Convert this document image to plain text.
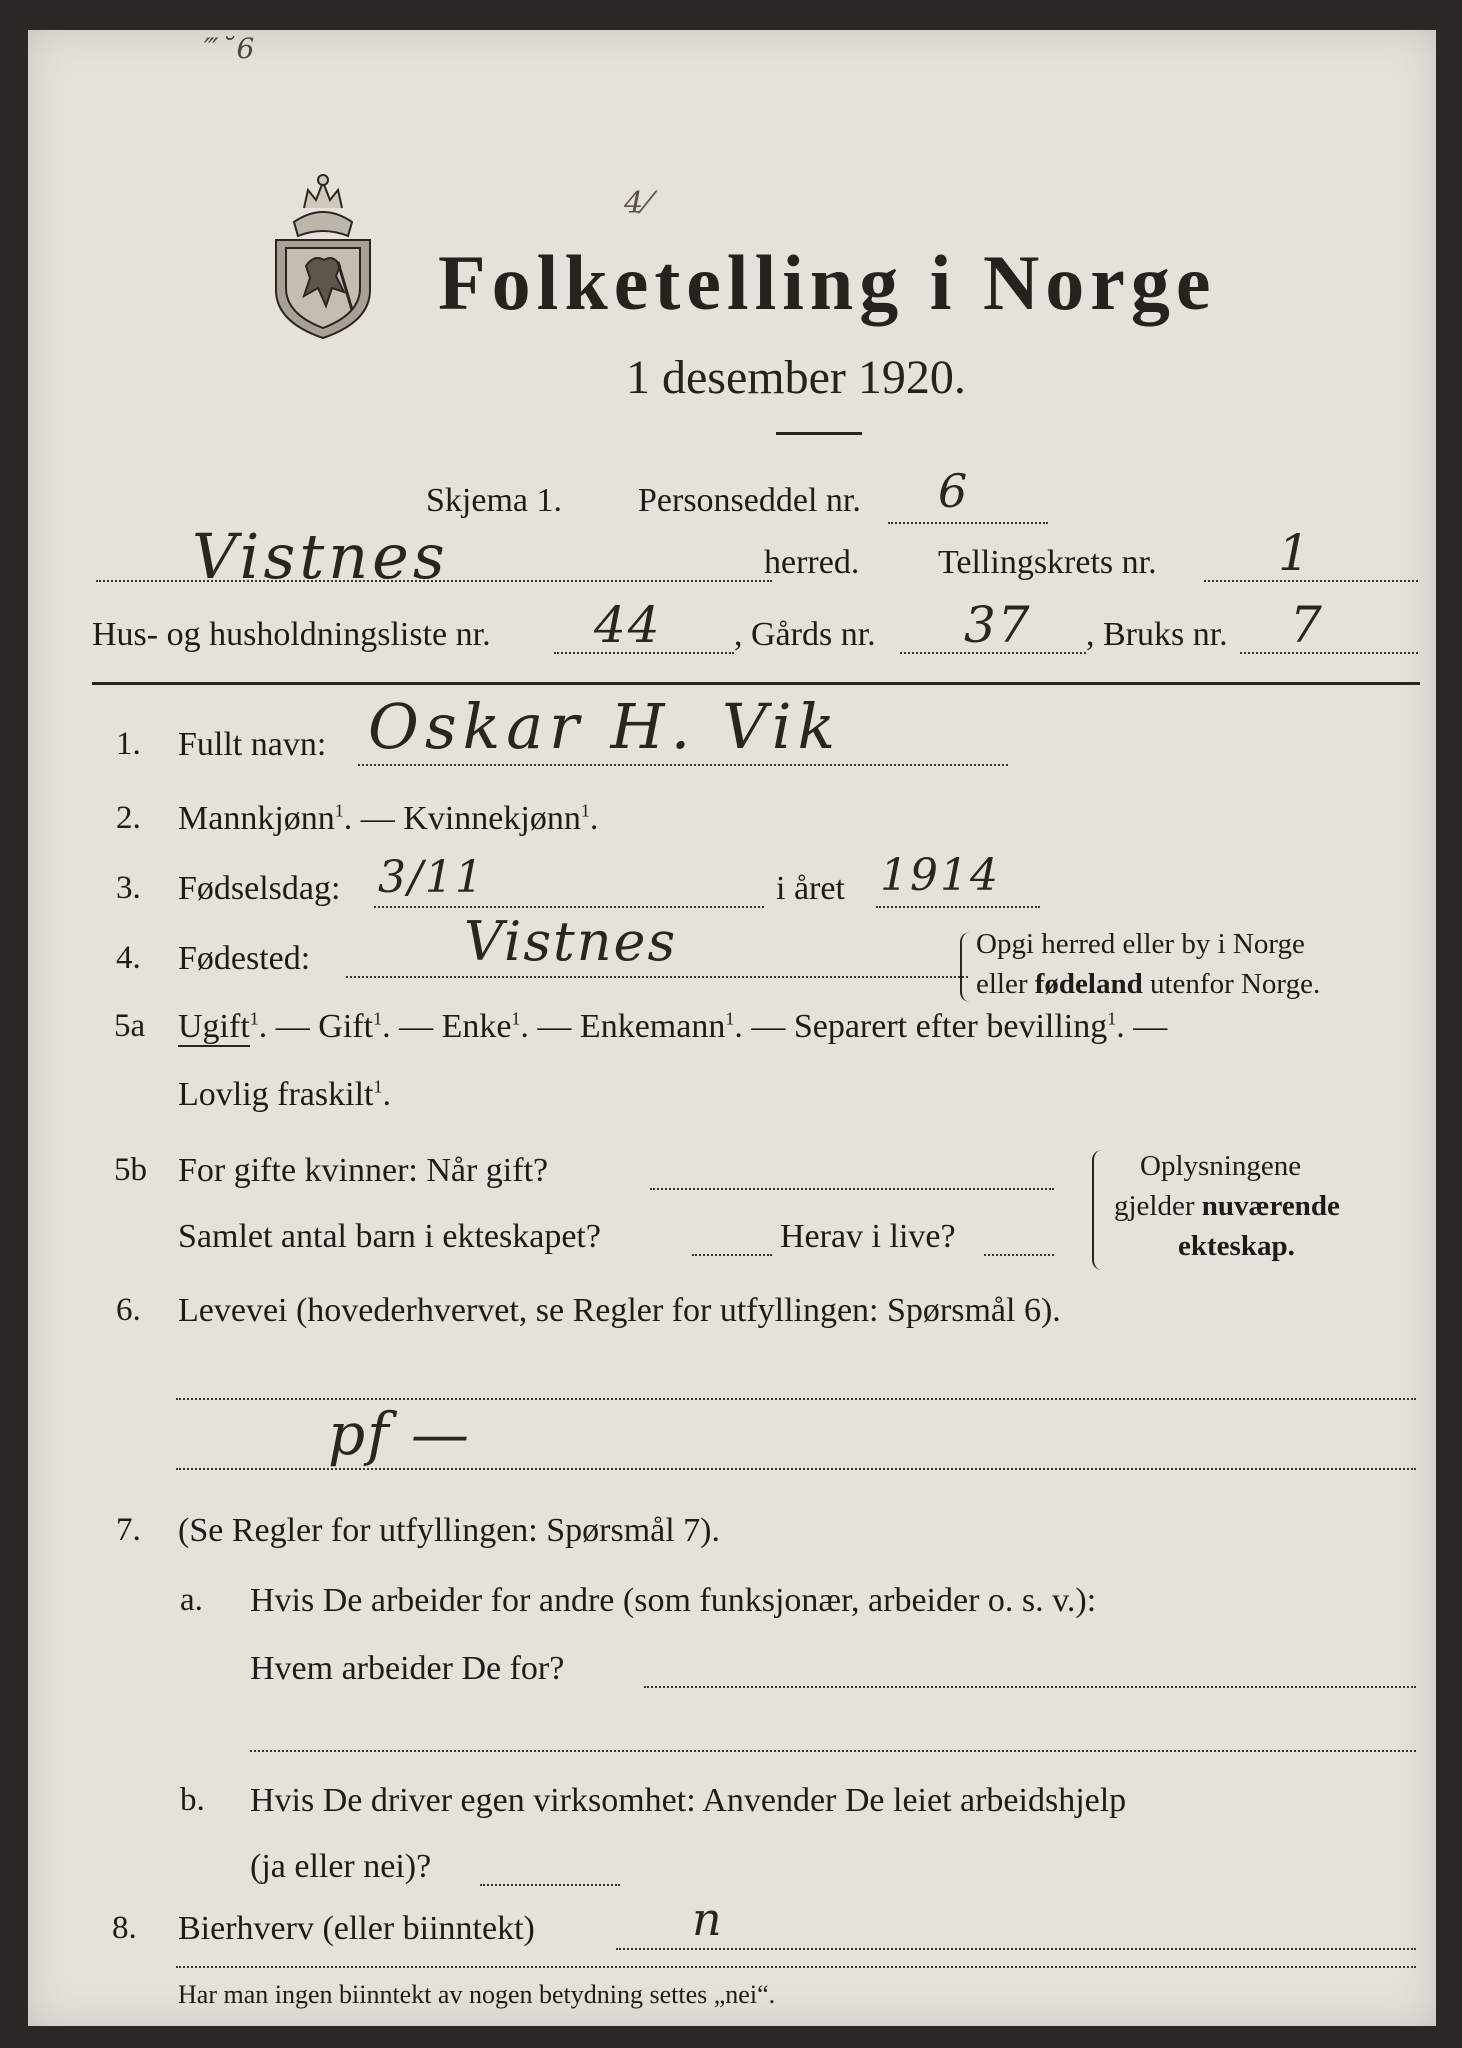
‴˘6
Folketelling i Norge
4⁄
1 desember 1920.
Skjema 1. Personseddel nr. 6
Vistnes	herred. Tellingskrets nr. 1
Hus- og husholdningsliste nr. 44 , Gårds nr. 37 , Bruks nr. 7
1. Fullt navn: Oskar H. Vik
2. Mannkjønn$^1$. — Kvinnekjønn$^1$.
3. Fødselsdag: 3/11	i året 1914
4. Fødested:	Vistnes	Opgi herred eller by i Norge
eller fødeland utenfor Norge.
5a Ugift$^1$. — Gift$^1$. — Enke$^1$. — Enkemann$^1$. — Separert efter bevilling$^1$. —
Lovlig fraskilt$^1$.
5b For gifte kvinner: Når gift?
Samlet antal barn i ekteskapet?	Herav i live?
Oplysningene
gjelder nuværende
ekteskap.
6. Levevei (hovederhvervet, se Regler for utfyllingen: Spørsmål 6).
pf —
7. (Se Regler for utfyllingen: Spørsmål 7).
a. Hvis De arbeider for andre (som funksjonær, arbeider o. s. v.):
Hvem arbeider De for?
b. Hvis De driver egen virksomhet: Anvender De leiet arbeidshjelp
(ja eller nei)?
8. Bierhverv (eller biinntekt)	n
Har man ingen biinntekt av nogen betydning settes „nei“.
